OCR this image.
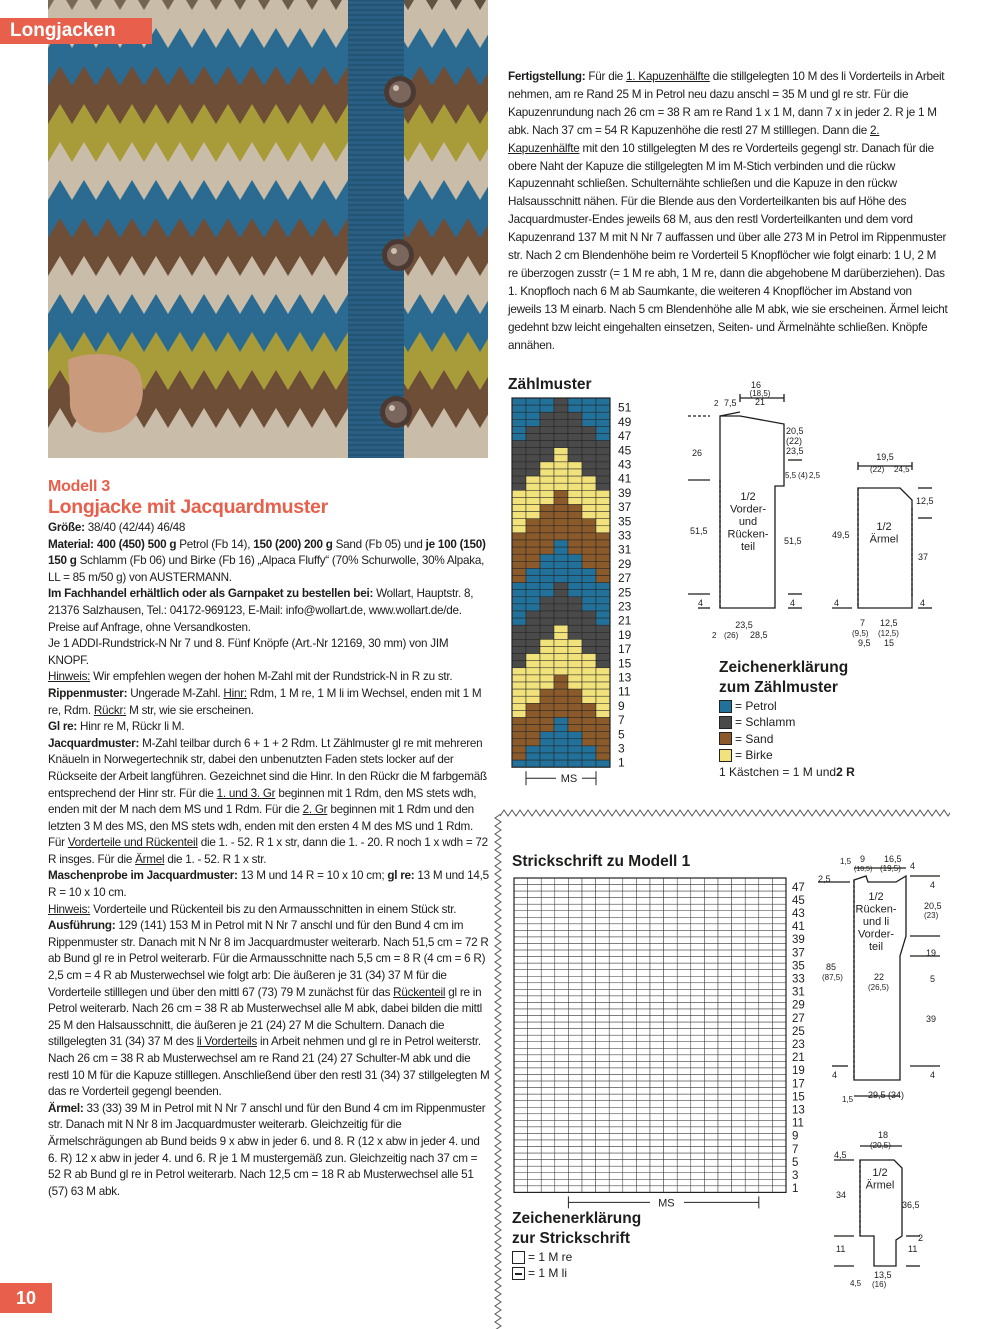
Longjacken
Modell 3
Longjacke mit Jacquardmuster

Größe: 38/40 (42/44) 46/48

Material: 400 (450) 500 g Petrol (Fb 14), 150 (200) 200 g Sand (Fb 05) und je 100 (150) 150 g Schlamm (Fb 06) und Birke (Fb 16) „Alpaca Fluffy“ (70% Schurwolle, 30% Alpaka, LL = 85 m/50 g) von AUSTERMANN.

Im Fachhandel erhältlich oder als Garnpaket zu bestellen bei: Wollart, Hauptstr. 8, 21376 Salzhausen, Tel.: 04172-969123, E-Mail: info@wollart.de, www.wollart.de/de. Preise auf Anfrage, ohne Versandkosten.

Je 1 ADDI-Rundstrick-N Nr 7 und 8. Fünf Knöpfe (Art.-Nr 12169, 30 mm) von JIM KNOPF.

Hinweis: Wir empfehlen wegen der hohen M-Zahl mit der Rundstrick-N in R zu str.

Rippenmuster: Ungerade M-Zahl. Hinr: Rdm, 1 M re, 1 M li im Wechsel, enden mit 1 M re, Rdm. Rückr: M str, wie sie erscheinen.

Gl re: Hinr re M, Rückr li M.

Jacquardmuster: M-Zahl teilbar durch 6 + 1 + 2 Rdm. Lt Zählmuster gl re mit mehreren Knäueln in Norwegertechnik str, dabei den unbenutzten Faden stets locker auf der Rückseite der Arbeit langführen. Gezeichnet sind die Hinr. In den Rückr die M farbgemäß entsprechend der Hinr str. Für die 1. und 3. Gr beginnen mit 1 Rdm, den MS stets wdh, enden mit der M nach dem MS und 1 Rdm. Für die 2. Gr beginnen mit 1 Rdm und den letzten 3 M des MS, den MS stets wdh, enden mit den ersten 4 M des MS und 1 Rdm. Für Vorderteile und Rückenteil die 1. - 52. R 1 x str, dann die 1. - 20. R noch 1 x wdh = 72 R insges. Für die Ärmel die 1. - 52. R 1 x str.

Maschenprobe im Jacquardmuster: 13 M und 14 R = 10 x 10 cm; gl re: 13 M und 14,5 R = 10 x 10 cm.

Hinweis: Vorderteile und Rückenteil bis zu den Armausschnitten in einem Stück str.

Ausführung: 129 (141) 153 M in Petrol mit N Nr 7 anschl und für den Bund 4 cm im Rippenmuster str. Danach mit N Nr 8 im Jacquardmuster weiterarb. Nach 51,5 cm = 72 R ab Bund gl re in Petrol weiterarb. Für die Armausschnitte nach 5,5 cm = 8 R (4 cm = 6 R) 2,5 cm = 4 R ab Musterwechsel wie folgt arb: Die äußeren je 31 (34) 37 M für die Vorderteile stilllegen und über den mittl 67 (73) 79 M zunächst für das Rückenteil gl re in Petrol weiterarb. Nach 26 cm = 38 R ab Musterwechsel alle M abk, dabei bilden die mittl 25 M den Halsausschnitt, die äußeren je 21 (24) 27 M die Schultern. Danach die stillgelegten 31 (34) 37 M des li Vorderteils in Arbeit nehmen und gl re in Petrol weiterstr. Nach 26 cm = 38 R ab Musterwechsel am re Rand 21 (24) 27 Schulter-M abk und die restl 10 M für die Kapuze stilllegen. Anschließend über den restl 31 (34) 37 stillgelegten M das re Vorderteil gegengl beenden.

Ärmel: 33 (33) 39 M in Petrol mit N Nr 7 anschl und für den Bund 4 cm im Rippenmuster str. Danach mit N Nr 8 im Jacquardmuster weiterarb. Gleichzeitig für die Ärmelschrägungen ab Bund beids 9 x abw in jeder 6. und 8. R (12 x abw in jeder 4. und 6. R) 12 x abw in jeder 4. und 6. R je 1 M mustergemäß zun. Gleichzeitig nach 37 cm = 52 R ab Bund gl re in Petrol weiterarb. Nach 12,5 cm = 18 R ab Musterwechsel alle 51 (57) 63 M abk.

Fertigstellung: Für die 1. Kapuzenhälfte die stillgelegten 10 M des li Vorderteils in Arbeit nehmen, am re Rand 25 M in Petrol neu dazu anschl = 35 M und gl re str. Für die Kapuzenrundung nach 26 cm = 38 R am re Rand 1 x 1 M, dann 7 x in jeder 2. R je 1 M abk. Nach 37 cm = 54 R Kapuzenhöhe die restl 27 M stilllegen. Dann die 2. Kapuzenhälfte mit den 10 stillgelegten M des re Vorderteils gegengl str. Danach für die obere Naht der Kapuze die stillgelegten M im M-Stich verbinden und die rückw Kapuzennaht schließen. Schulternähte schließen und die Kapuze in den rückw Halsausschnitt nähen. Für die Blende aus den Vorderteilkanten bis auf Höhe des Jacquardmuster-Endes jeweils 68 M, aus den restl Vorderteilkanten und dem vord Kapuzenrand 137 M mit N Nr 7 auffassen und über alle 273 M in Petrol im Rippenmuster str. Nach 2 cm Blendenhöhe beim re Vorderteil 5 Knopflöcher wie folgt einarb: 1 U, 2 M re überzogen zusstr (= 1 M re abh, 1 M re, dann die abgehobene M darüberziehen). Das 1. Knopfloch nach 6 M ab Saumkante, die weiteren 4 Knopflöcher im Abstand von jeweils 13 M einarb. Nach 5 cm Blendenhöhe alle M abk, wie sie erscheinen. Ärmel leicht gedehnt bzw leicht eingehalten einsetzen, Seiten- und Ärmelnähte schließen. Knöpfe annähen.
Zählmuster
51
49
47
45
43
41
39
37
35
33
31
29
27
25
23
21
19
17
15
13
11
9
7
5
3
1
MS
Zeichenerklärung
zum Zählmuster
= Petrol
= Schlamm
= Sand
= Birke
1 Kästchen = 1 M und 2 R
16
(18,5)
21
2 7,5
26
20,5
(22)
23,5
5,5 (4) 2,5
1/2 Vorder-und Rücken-teil
51,5
51,5
4	4
23,5
(26) 28,5
2
19,5
(22) 24,5
12,5
1/2 Ärmel
49,5
37
4	4
7 12,5
(9,5) (12,5)
9,5 15
Strickschrift zu Modell 1
47
45
43
41
39
37
35
33
31
29
27
25
23
21
19
17
15
13
11
9
7
5
3
1
MS
Zeichenerklärung
zur Strickschrift
= 1 M re
= 1 M li
1,5 9
(10,5)
16,5
(19,5) 4
2,5
4
20,5
(23)
19
5
39
4
1/2 Rücken-und li Vorder-teil
85
(87,5)	22
(26,5)
4
1,5 29,5 (34)
18
(20,5)
4,5
1/2 Ärmel
34
36,5
2
11	11
4,5
13,5
(16)
10
